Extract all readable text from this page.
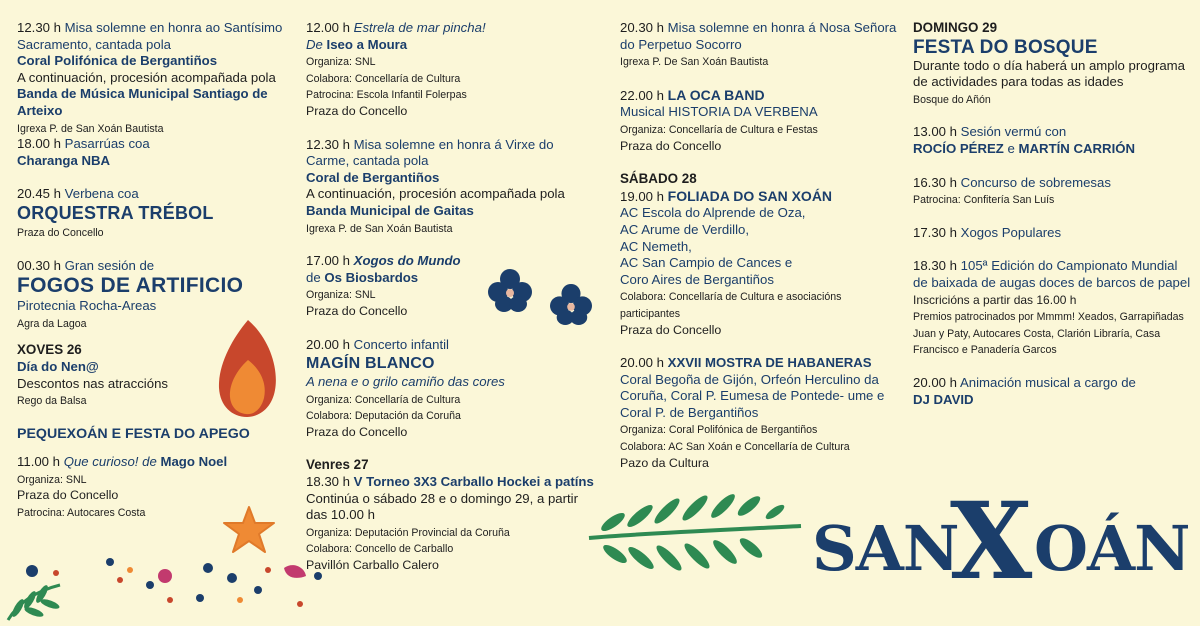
12.30 h Misa solemne en honra ao Santísimo Sacramento, cantada pola
Coral Polifónica de Bergantiños
A continuación, procesión acompañada pola Banda de Música Municipal Santiago de Arteixo
Igrexa P. de San Xoán Bautista
18.00 h Pasarrúas coa
Charanga NBA
20.45 h Verbena coa
ORQUESTRA TRÉBOL
Praza do Concello
00.30 h Gran sesión de
FOGOS DE ARTIFICIO
Pirotecnia Rocha-Areas
Agra da Lagoa
XOVES 26
Día do Nen@
Descontos nas atraccións
Rego da Balsa
PEQUEXOÁN E FESTA DO APEGO
11.00 h Que curioso! de Mago Noel
Organiza: SNL
Praza do Concello
Patrocina: Autocares Costa
12.00 h Estrela de mar pincha!
De Iseo a Moura
Organiza: SNL
Colabora: Concellaría de Cultura
Patrocina: Escola Infantil Folerpas
Praza do Concello
12.30 h Misa solemne en honra á Virxe do Carme, cantada pola
Coral de Bergantiños
A continuación, procesión acompañada pola Banda Municipal de Gaitas
Igrexa P. de San Xoán Bautista
17.00 h Xogos do Mundo
de Os Biosbardos
Organiza: SNL
Praza do Concello
20.00 h Concerto infantil
MAGÍN BLANCO
A nena e o grilo camiño das cores
Organiza: Concellaría de Cultura
Colabora: Deputación da Coruña
Praza do Concello
Venres 27
18.30 h V Torneo 3X3 Carballo Hockei a patíns
Continúa o sábado 28 e o domingo 29, a partir das 10.00 h
Organiza: Deputación Provincial da Coruña
Colabora: Concello de Carballo
Pavillón Carballo Calero
20.30 h Misa solemne en honra á Nosa Señora do Perpetuo Socorro
Igrexa P. De San Xoán Bautista
22.00 h LA OCA BAND
Musical HISTORIA DA VERBENA
Organiza: Concellaría de Cultura e Festas
Praza do Concello
SÁBADO 28
19.00 h FOLIADA DO SAN XOÁN
AC Escola do Alprende de Oza,
AC Arume de Verdillo,
AC Nemeth,
AC San Campio de Cances e
Coro Aires de Bergantiños
Colabora: Concellaría de Cultura e asociacións participantes
Praza do Concello
20.00 h XXVII MOSTRA DE HABANERAS
Coral Begoña de Gijón, Orfeón Herculino da Coruña, Coral P. Eumesa de Pontede- ume e Coral P. de Bergantiños
Organiza: Coral Polifónica de Bergantiños
Colabora: AC San Xoán e Concellaría de Cultura
Pazo da Cultura
DOMINGO 29
FESTA DO BOSQUE
Durante todo o día haberá un amplo programa de actividades para todas as idades
Bosque do Añón
13.00 h Sesión vermú con
ROCÍO PÉREZ e MARTÍN CARRIÓN
16.30 h Concurso de sobremesas
Patrocina: Confitería San Luís
17.30 h Xogos Populares
18.30 h 105ª Edición do Campionato Mundial de baixada de augas doces de barcos de papel
Inscricións a partir das 16.00 h
Premios patrocinados por Mmmm! Xeados, Garrapiñadas Juan y Paty, Autocares Costa, Clarión Libraría, Casa Francisco e Panadería Garcos
20.00 h Animación musical a cargo de
DJ DAVID
SAN
X OÁN
